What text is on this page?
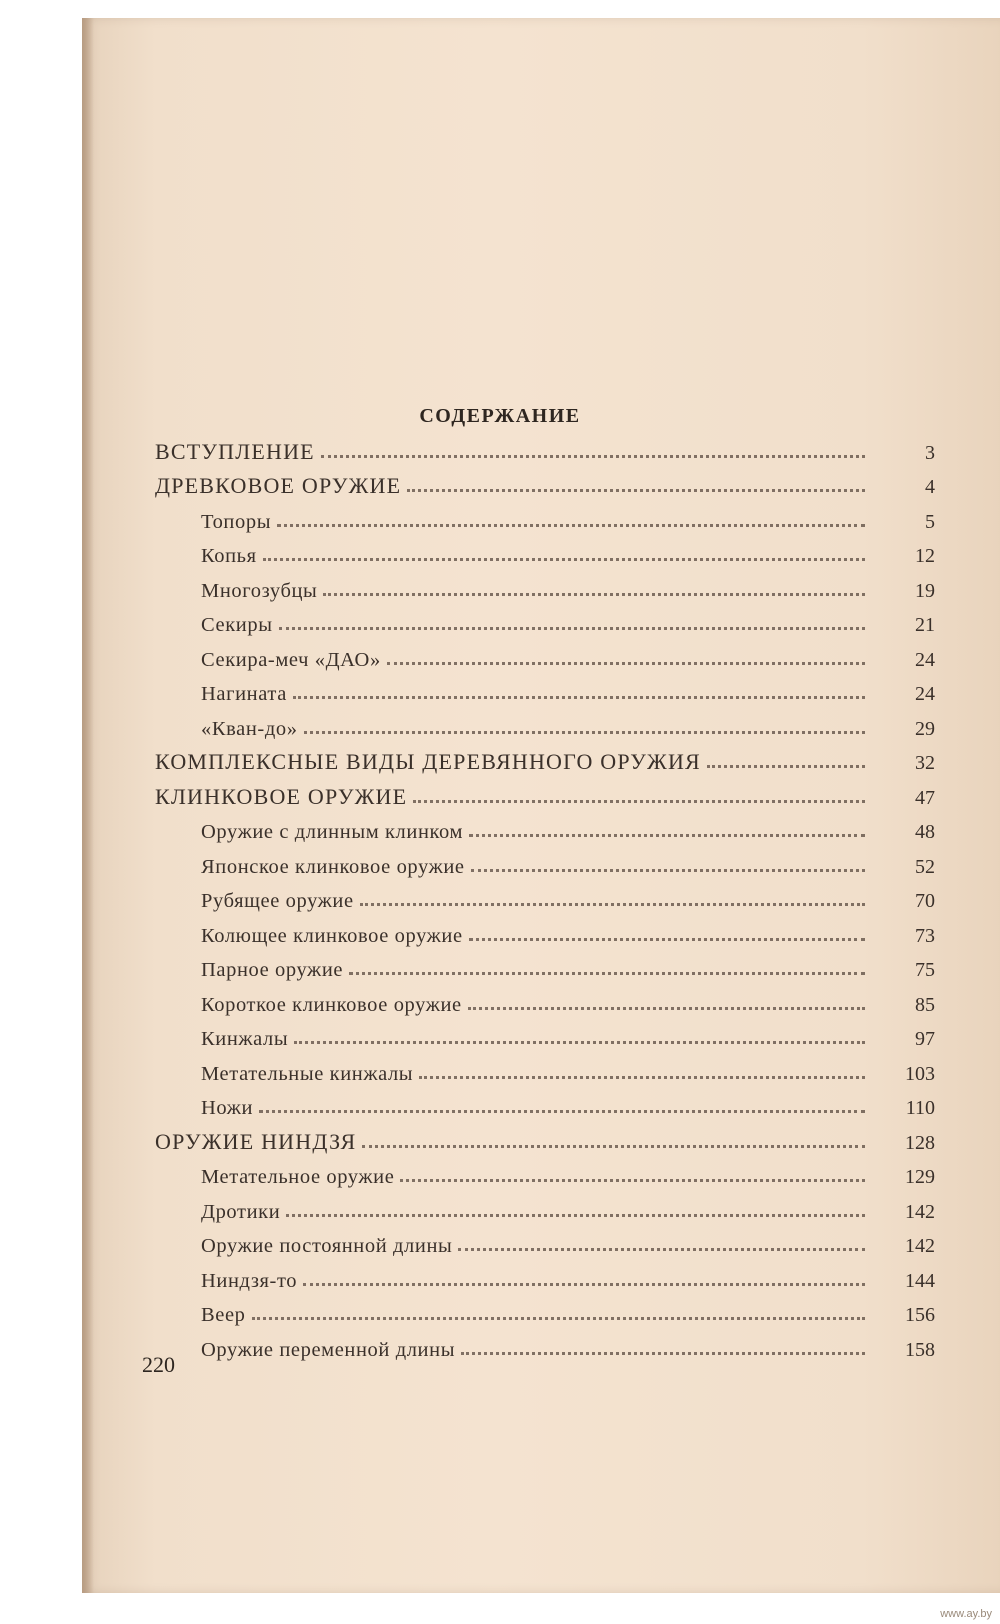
СОДЕРЖАНИЕ
ВСТУПЛЕНИЕ	3
ДРЕВКОВОЕ ОРУЖИЕ	4
Топоры	5
Копья	12
Многозубцы	19
Секиры	21
Секира-меч «ДАО»	24
Нагината	24
«Кван-до»	29
КОМПЛЕКСНЫЕ ВИДЫ ДЕРЕВЯННОГО ОРУЖИЯ	32
КЛИНКОВОЕ ОРУЖИЕ	47
Оружие с длинным клинком	48
Японское клинковое оружие	52
Рубящее оружие	70
Колющее клинковое оружие	73
Парное оружие	75
Короткое клинковое оружие	85
Кинжалы	97
Метательные кинжалы	103
Ножи	110
ОРУЖИЕ НИНДЗЯ	128
Метательное оружие	129
Дротики	142
Оружие постоянной длины	142
Ниндзя-то	144
Веер	156
Оружие переменной длины	158
220
www.ay.by
